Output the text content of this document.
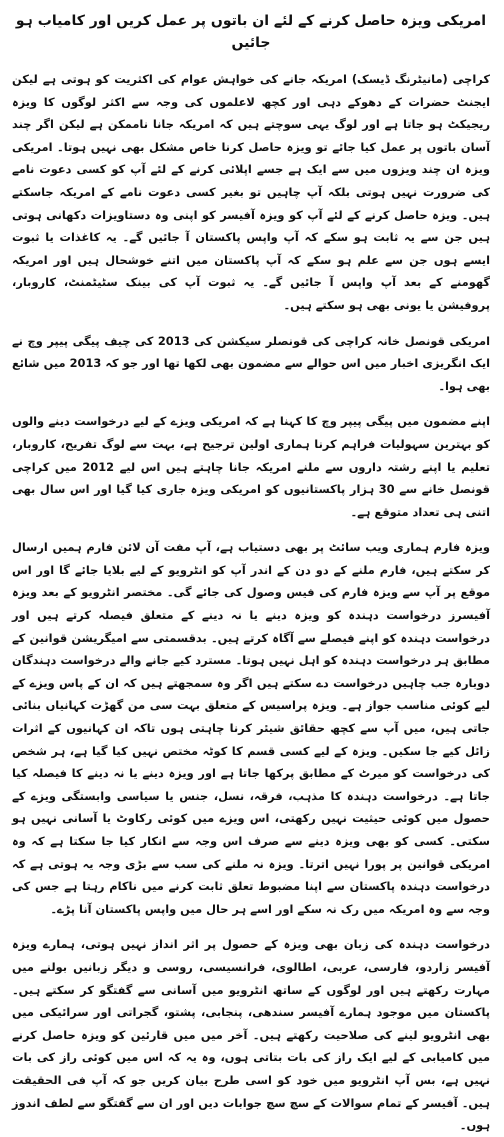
امریکی ویزہ حاصل کرنے کے لئے ان باتوں پر عمل کریں اور کامیاب ہو جائیں

کراچی (مانیٹرنگ ڈیسک) امریکہ جانے کی خواہش عوام کی اکثریت کو ہوتی ہے لیکن ایجنٹ حضرات کے دھوکے دہی اور کچھ لاعلموں کی وجہ سے اکثر لوگوں کا ویزہ ریجیکٹ ہو جاتا ہے اور لوگ یہی سوچتے ہیں کہ امریکہ جانا ناممکن ہے لیکن اگر چند آسان باتوں پر عمل کیا جائے تو ویزہ حاصل کرنا خاص مشکل بھی نہیں ہوتا۔ امریکی ویزہ ان چند ویزوں میں سے ایک ہے جسے اپلائی کرنے کے لئے آپ کو کسی دعوت نامے کی ضرورت نہیں ہوتی بلکہ آپ چاہیں تو بغیر کسی دعوت نامے کے امریکہ جاسکتے ہیں۔ ویزہ حاصل کرنے کے لئے آپ کو ویزہ آفیسر کو اپنی وہ دستاویزات دکھانی ہوتی ہیں جن سے یہ ثابت ہو سکے کہ آپ واپس پاکستان آ جائیں گے۔ یہ کاغذات یا ثبوت ایسے ہوں جن سے علم ہو سکے کہ آپ پاکستان میں اتنے خوشحال ہیں اور امریکہ گھومنے کے بعد آپ واپس آ جائیں گے۔ یہ ثبوت آپ کی بینک سٹیٹمنٹ، کاروبار، پروفیشن یا یونی بھی ہو سکتے ہیں۔

امریکی قونصل خانہ کراچی کی قونصلر سیکشن کی 2013 کی چیف پیگی پیپر وچ نے ایک انگریزی اخبار میں اس حوالے سے مضمون بھی لکھا تھا اور جو کہ 2013 میں شائع بھی ہوا۔

اپنے مضمون میں پیگی پیپر وچ کا کہنا ہے کہ امریکی ویزے کے لیے درخواست دینے والوں کو بہترین سہولیات فراہم کرنا ہماری اولین ترجیح ہے، بہت سے لوگ تفریح، کاروبار، تعلیم یا اپنے رشتہ داروں سے ملنے امریکہ جانا چاہتے ہیں اس لیے 2012 میں کراچی قونصل خانے سے 30 ہزار پاکستانیوں کو امریکی ویزہ جاری کیا گیا اور اس سال بھی اتنی ہی تعداد متوقع ہے۔

ویزہ فارم ہماری ویب سائٹ پر بھی دستیاب ہے، آپ مفت آن لائن فارم ہمیں ارسال کر سکتے ہیں، فارم ملنے کے دو دن کے اندر آپ کو انٹرویو کے لیے بلایا جائے گا اور اس موقع پر آپ سے ویزہ فارم کی فیس وصول کی جائے گی۔ مختصر انٹرویو کے بعد ویزہ آفیسرز درخواست دہندہ کو ویزہ دینے یا نہ دینے کے متعلق فیصلہ کرتے ہیں اور درخواست دہندہ کو اپنے فیصلے سے آگاہ کرتے ہیں۔ بدقسمتی سے امیگریشن قوانین کے مطابق ہر درخواست دہندہ کو اہل نہیں ہوتا۔ مسترد کیے جانے والے درخواست دہندگان دوبارہ جب چاہیں درخواست دے سکتے ہیں اگر وہ سمجھتے ہیں کہ ان کے پاس ویزے کے لیے کوئی مناسب جواز ہے۔ ویزہ پراسیس کے متعلق بہت سی من گھڑت کہانیاں بنائی جاتی ہیں، میں آپ سے کچھ حقائق شیئر کرنا چاہتی ہوں تاکہ ان کہانیوں کے اثرات زائل کیے جا سکیں۔ ویزہ کے لیے کسی قسم کا کوٹہ مختص نہیں کیا گیا ہے، ہر شخص کی درخواست کو میرٹ کے مطابق پرکھا جاتا ہے اور ویزہ دینے یا نہ دینے کا فیصلہ کیا جاتا ہے۔ درخواست دہندہ کا مذہب، فرقہ، نسل، جنس یا سیاسی وابستگی ویزے کے حصول میں کوئی حیثیت نہیں رکھتی، اس ویزے میں کوئی رکاوٹ یا آسانی نہیں ہو سکتی۔ کسی کو بھی ویزہ دینے سے صرف اس وجہ سے انکار کیا جا سکتا ہے کہ وہ امریکی قوانین پر پورا نہیں اترتا۔ ویزہ نہ ملنے کی سب سے بڑی وجہ یہ ہوتی ہے کہ درخواست دہندہ پاکستان سے اپنا مضبوط تعلق ثابت کرنے میں ناکام رہتا ہے جس کی وجہ سے وہ امریکہ میں رک نہ سکے اور اسے ہر حال میں واپس پاکستان آنا پڑے۔

درخواست دہندہ کی زبان بھی ویزہ کے حصول پر اثر انداز نہیں ہوتی، ہمارے ویزہ آفیسر زاردو، فارسی، عربی، اطالوی، فرانسیسی، روسی و دیگر زبانیں بولنے میں مہارت رکھتے ہیں اور لوگوں کے ساتھ انٹرویو میں آسانی سے گفتگو کر سکتے ہیں۔ پاکستان میں موجود ہمارے آفیسر سندھی، پنجابی، پشتو، گجراتی اور سرائیکی میں بھی انٹرویو لینے کی صلاحیت رکھتے ہیں۔ آخر میں میں قارئین کو ویزہ حاصل کرنے میں کامیابی کے لیے ایک راز کی بات بتاتی ہوں، وہ یہ کہ اس میں کوئی راز کی بات نہیں ہے، بس آپ انٹرویو میں خود کو اسی طرح بیان کریں جو کہ آپ فی الحقیقت ہیں۔ آفیسر کے تمام سوالات کے سچ سچ جوابات دیں اور ان سے گفتگو سے لطف اندوز ہوں۔
